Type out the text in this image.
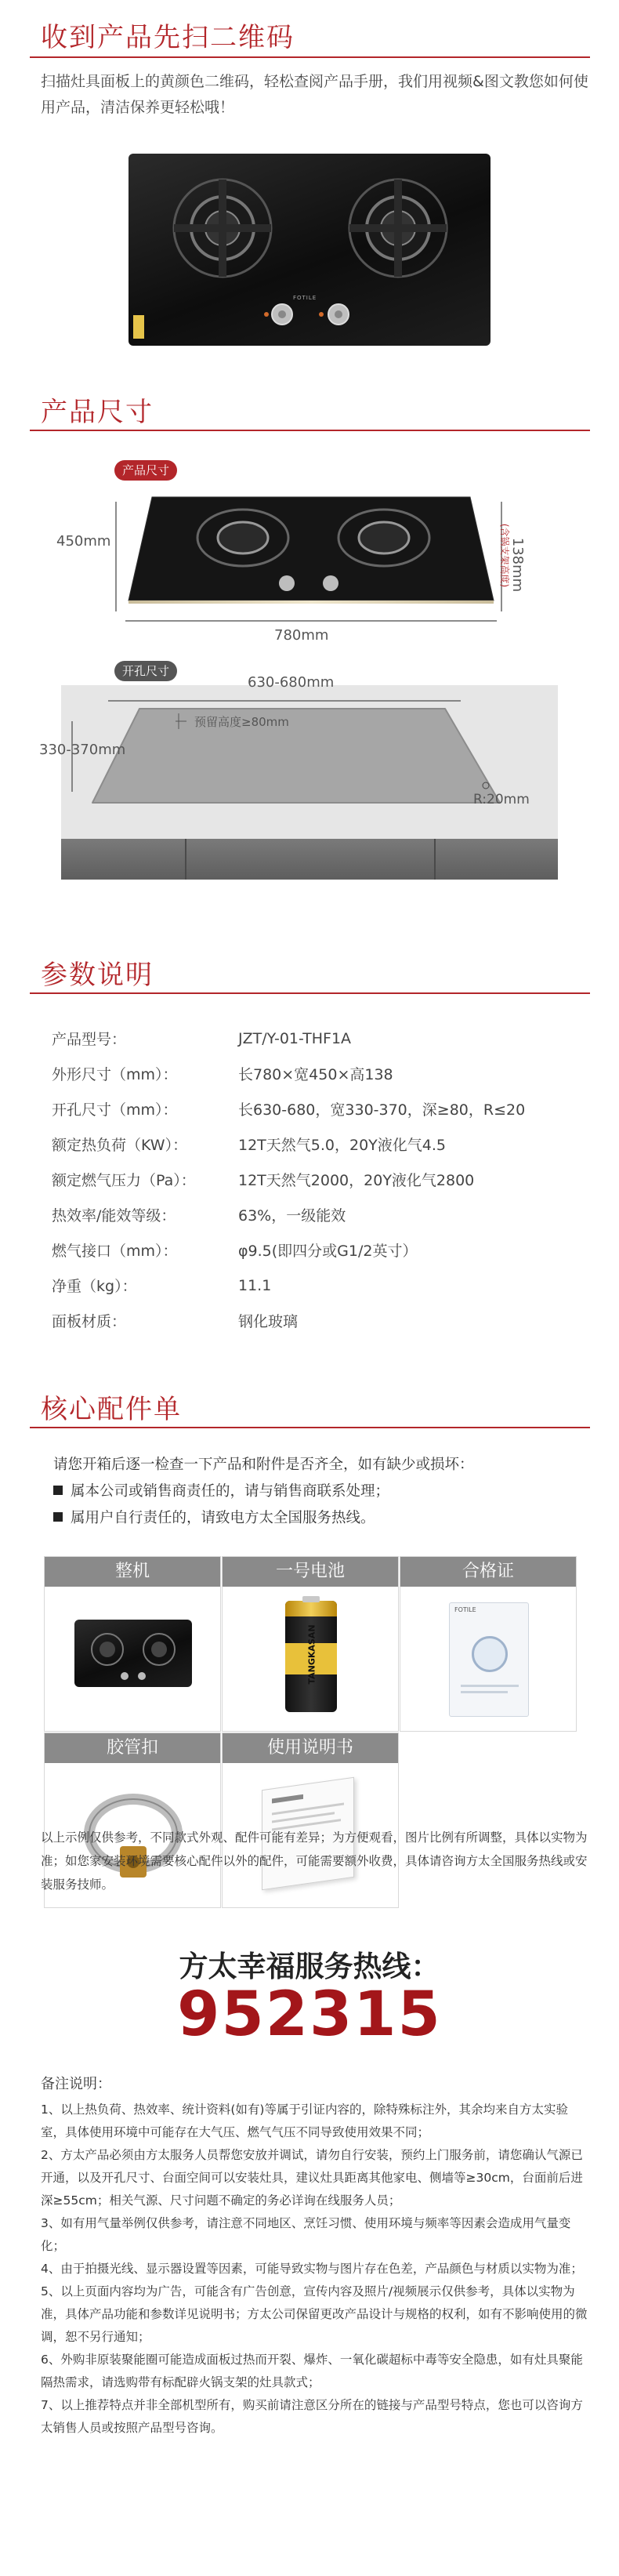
收到产品先扫二维码
扫描灶具面板上的黄颜色二维码，轻松查阅产品手册，我们用视频&图文教您如何使用产品，清洁保养更轻松哦！
FOTILE
产品尺寸
产品尺寸
450mm
780mm
138mm
(含锅支架高度)
开孔尺寸
630-680mm
330-370mm
预留高度≥80mm
R:20mm
参数说明
产品型号：	JZT/Y-01-THF1A
外形尺寸（mm）：	长780×宽450×高138
开孔尺寸（mm）：	长630-680，宽330-370，深≥80，R≤20
额定热负荷（KW）：	12T天然气5.0，20Y液化气4.5
额定燃气压力（Pa）：	12T天然气2000，20Y液化气2800
热效率/能效等级：	63%，一级能效
燃气接口（mm）：	φ9.5(即四分或G1/2英寸）
净重（kg）：	11.1
面板材质：	钢化玻璃
核心配件单
请您开箱后逐一检查一下产品和附件是否齐全，如有缺少或损坏：
属本公司或销售商责任的，请与销售商联系处理；
属用户自行责任的，请致电方太全国服务热线。
整机	一号电池
TANGKASAN
合格证
FOTILE
胶管扣	使用说明书
以上示例仅供参考，不同款式外观、配件可能有差异；为方便观看，图片比例有所调整，具体以实物为准；如您家安装环境需要核心配件以外的配件，可能需要额外收费，具体请咨询方太全国服务热线或安装服务技师。
方太幸福服务热线：
952315
备注说明：
1、以上热负荷、热效率、统计资料(如有)等属于引证内容的，除特殊标注外，其余均来自方太实验室，具体使用环境中可能存在大气压、燃气气压不同导致使用效果不同；
2、方太产品必须由方太服务人员帮您安放并调试，请勿自行安装，预约上门服务前，请您确认气源已开通，以及开孔尺寸、台面空间可以安装灶具，建议灶具距离其他家电、侧墙等≥30cm，台面前后进深≥55cm；相关气源、尺寸问题不确定的务必详询在线服务人员；
3、如有用气量举例仅供参考，请注意不同地区、烹饪习惯、使用环境与频率等因素会造成用气量变化；
4、由于拍摄光线、显示器设置等因素，可能导致实物与图片存在色差，产品颜色与材质以实物为准；
5、以上页面内容均为广告，可能含有广告创意，宣传内容及照片/视频展示仅供参考，具体以实物为准，具体产品功能和参数详见说明书；方太公司保留更改产品设计与规格的权利，如有不影响使用的微调，恕不另行通知；
6、外购非原装聚能圈可能造成面板过热而开裂、爆炸、一氧化碳超标中毒等安全隐患，如有灶具聚能隔热需求，请选购带有标配辟火锅支架的灶具款式；
7、以上推荐特点并非全部机型所有，购买前请注意区分所在的链接与产品型号特点，您也可以咨询方太销售人员或按照产品型号咨询。
